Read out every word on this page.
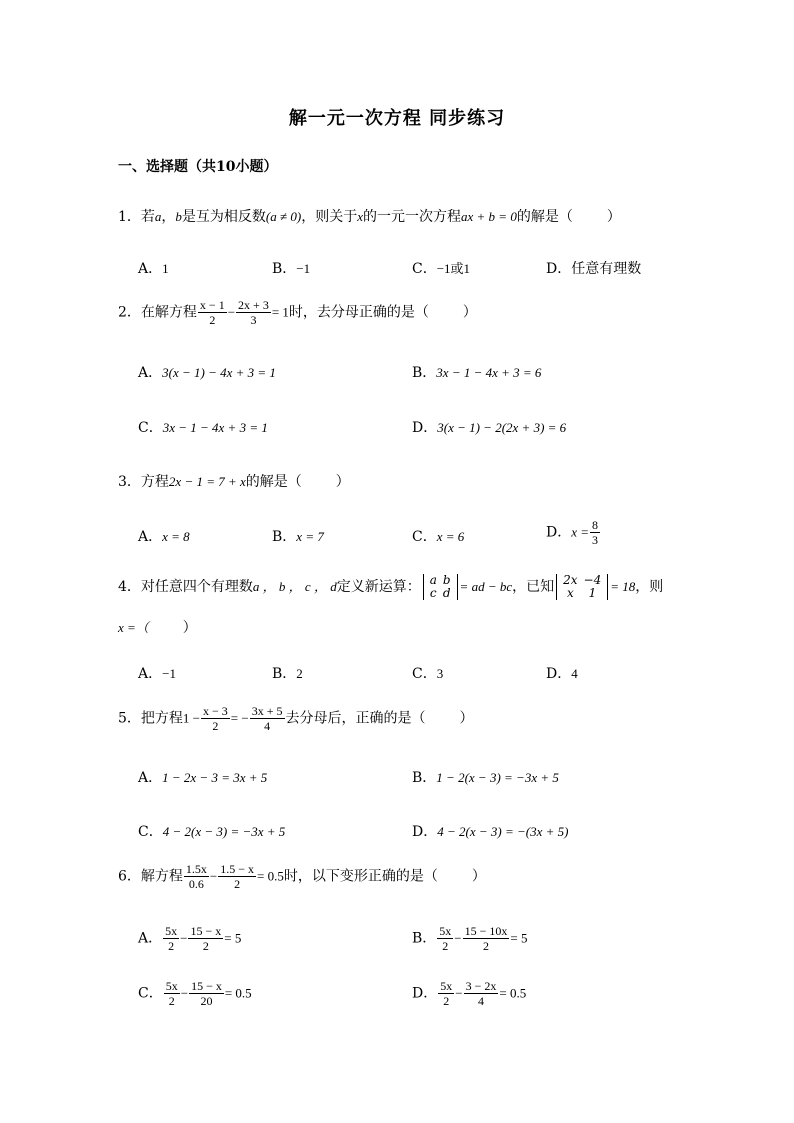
解一元一次方程 同步练习
一、选择题（共10小题）
1．若a，b是互为相反数(a ≠ 0)，则关于x的一元一次方程ax + b = 0的解是（ ）
A．1	B．−1	C．−1或1	D．任意有理数
2．在解方程 $\frac{x - 1}{2} - \frac{2x + 3}{3} = 1$时，去分母正确的是（ ）
A．3(x − 1) − 4x + 3 = 1	B．3x − 1 − 4x + 3 = 6
C．3x − 1 − 4x + 3 = 1	D．3(x − 1) − 2(2x + 3) = 6
3．方程2x − 1 = 7 + x的解是（ ）
A．x = 8	B．x = 7	C．x = 6	D．$x = \frac{8}{3}$
4．对任意四个有理数a ， b ， c ， d定义新运算： a	b
c	d = ad − bc，已知 2x	−4
x	1 = 18，则
x =（ ）
A．−1	B．2	C．3	D．4
5．把方程$1 - \frac{x - 3}{2}$ = − $\frac{3x + 5}{4}$ 去分母后，正确的是（ ）
A．1 − 2x − 3 = 3x + 5	B．1 − 2(x − 3) = −3x + 5
C．4 − 2(x − 3) = −3x + 5	D．4 − 2(x − 3) = −(3x + 5)
6．解方程 $\frac{1.5x}{0.6} - \frac{1.5 - x}{2} = 0.5$时，以下变形正确的是（ ）
A． $\frac{5x}{2} - \frac{15 - x}{2} = 5$	B． $\frac{5x}{2} - \frac{15 - 10x}{2} = 5$
C． $\frac{5x}{2} - \frac{15 - x}{20} = 0.5$	D． $\frac{5x}{2} - \frac{3 - 2x}{4} = 0.5$
